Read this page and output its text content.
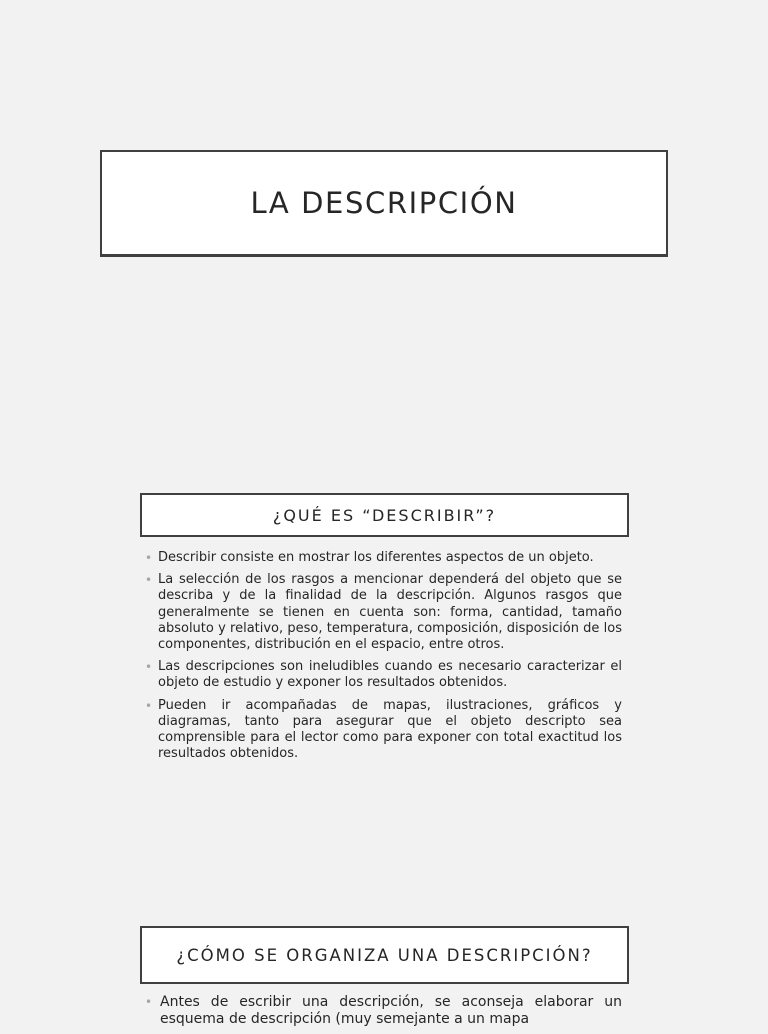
LA DESCRIPCIÓN
¿QUÉ ES “DESCRIBIR”?
• Describir consiste en mostrar los diferentes aspectos de un objeto.
• La selección de los rasgos a mencionar dependerá del objeto que se describa y de la finalidad de la descripción. Algunos rasgos que generalmente se tienen en cuenta son: forma, cantidad, tamaño absoluto y relativo, peso, temperatura, composición, disposición de los componentes, distribución en el espacio, entre otros.
• Las descripciones son ineludibles cuando es necesario caracterizar el objeto de estudio y exponer los resultados obtenidos.
• Pueden ir acompañadas de mapas, ilustraciones, gráficos y diagramas, tanto para asegurar que el objeto descripto sea comprensible para el lector como para exponer con total exactitud los resultados obtenidos.
¿CÓMO SE ORGANIZA UNA DESCRIPCIÓN?
• Antes de escribir una descripción, se aconseja elaborar un esquema de descripción (muy semejante a un mapa
